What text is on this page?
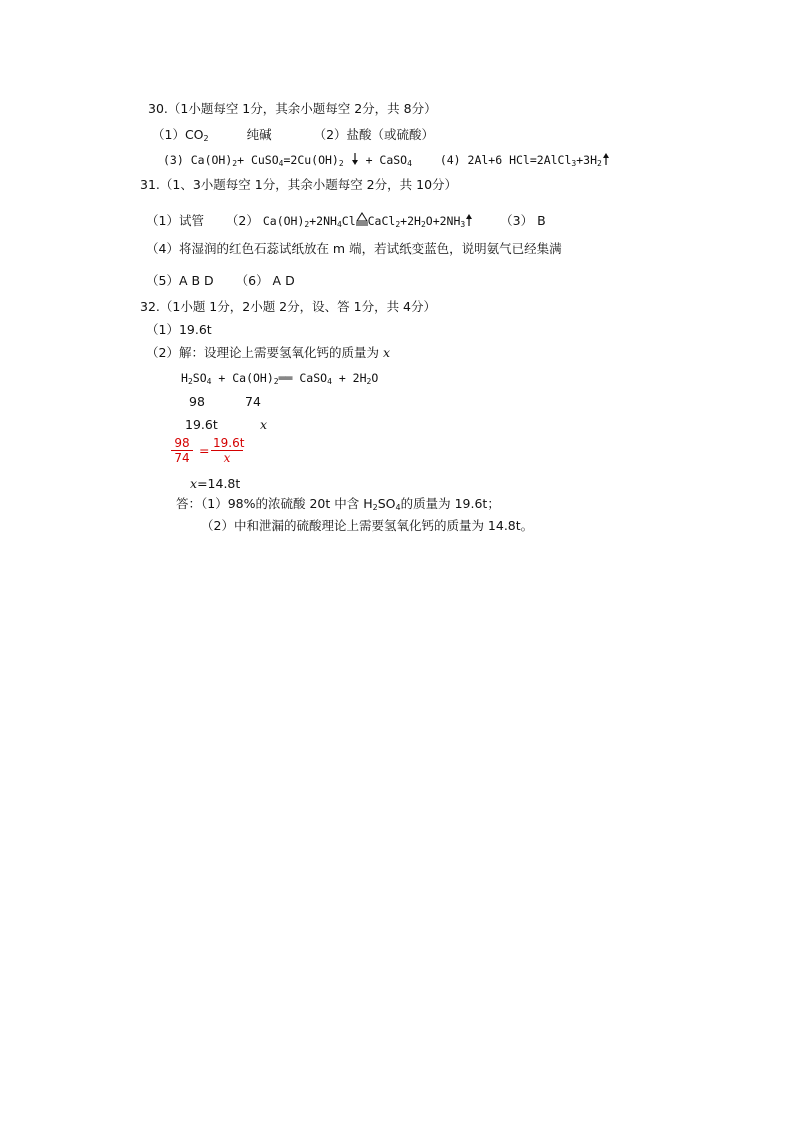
30.（1小题每空 1分，其余小题每空 2分，共 8分）
$(1)CO_2$	纯碱	（2）盐酸（或硫酸）
(3) $Ca(OH)_2+$ $CuSO_4=2Cu(OH)_2$ + CaSO$_4$ (4) 2Al+6 $HCl=2AlCl_3+3H_2$
31.（1、3小题每空 1分，其余小题每空 2分，共 10分）
（1）试管 （2） $Ca(OH)_2+2NH_4Cl$ $CaCl_2+2H_2O+2NH_3$	（3） B
（4）将湿润的红色石蕊试纸放在 m 端，若试纸变蓝色，说明氨气已经集满
（5）A B D （6） A D
32.（1小题 1分，2小题 2分，设、答 1分，共 4分）
（1）19.6t
（2）解：设理论上需要氢氧化钙的质量为 x
$H_2SO_4$ + $Ca(OH)_2══$ CaSO$_4$ + $2H_2O$
98	74
19.6t	x
98
74 = 19.6t
x
x=14.8t
答：（1）98%的浓硫酸 20t 中含 $H_2SO_4$的质量为 19.6t；
（2）中和泄漏的硫酸理论上需要氢氧化钙的质量为 14.8t。
